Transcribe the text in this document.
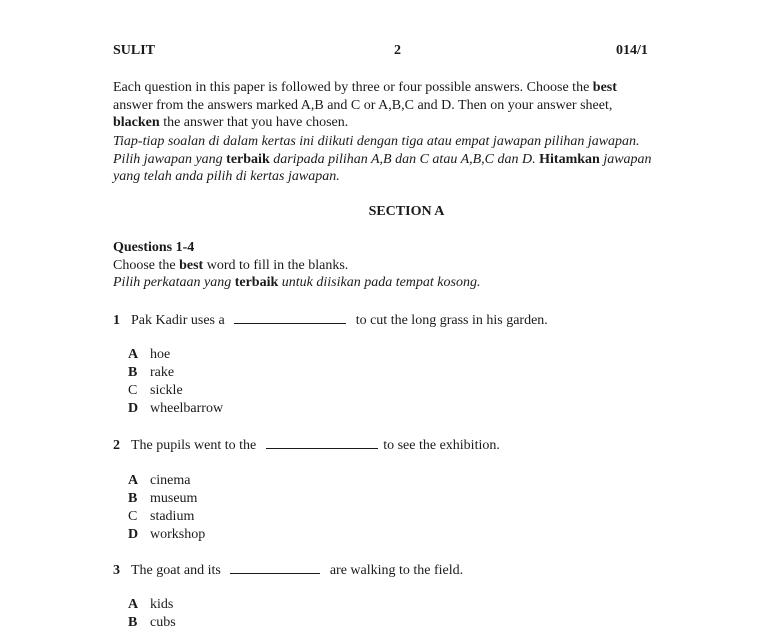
SULIT	2	014/1
Each question in this paper is followed by three or four possible answers. Choose the best
answer from the answers marked A,B and C or A,B,C and D. Then on your answer sheet,
blacken the answer that you have chosen.
Tiap-tiap soalan di dalam kertas ini diikuti dengan tiga atau empat jawapan pilihan jawapan.
Pilih jawapan yang terbaik daripada pilihan A,B dan C atau A,B,C dan D. Hitamkan jawapan
yang telah anda pilih di kertas jawapan.
SECTION A
Questions 1-4
Choose the best word to fill in the blanks.
Pilih perkataan yang terbaik untuk diisikan pada tempat kosong.
1 Pak Kadir uses a	to cut the long grass in his garden.
A hoe
B rake
C sickle
D wheelbarrow
2 The pupils went to the	to see the exhibition.
A cinema
B museum
C stadium
D workshop
3 The goat and its	are walking to the field.
A kids
B cubs
